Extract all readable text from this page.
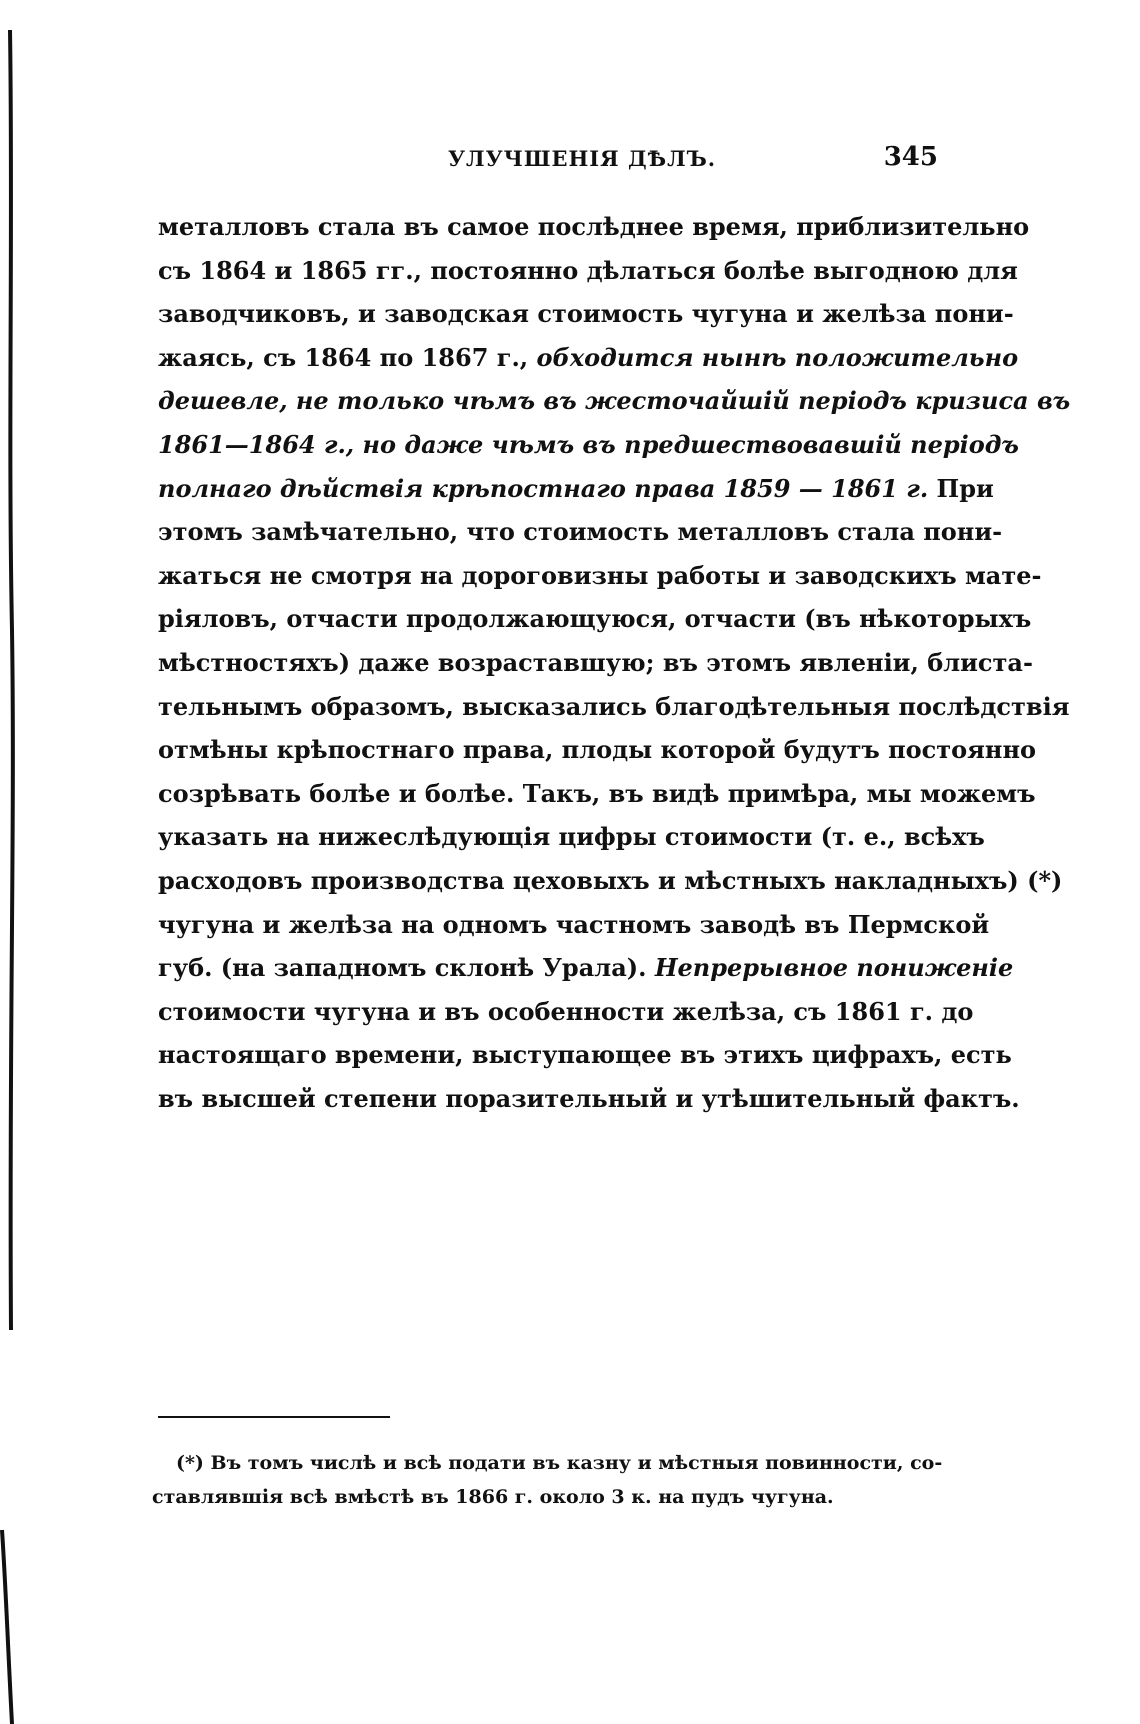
УЛУЧШЕНІЯ ДѢЛЪ.	345
металловъ стала въ самое послѣднее время, приблизительно
съ 1864 и 1865 гг., постоянно дѣлаться болѣе выгодною для
заводчиковъ, и заводская стоимость чугуна и желѣза пони-
жаясь, съ 1864 по 1867 г., обходится нынѣ положительно
дешевле, не только чѣмъ въ жесточайшій періодъ кризиса въ
1861—1864 г., но даже чѣмъ въ предшествовавшій періодъ
полнаго дѣйствія крѣпостнаго права 1859 — 1861 г. При
этомъ замѣчательно, что стоимость металловъ стала пони-
жаться не смотря на дороговизны работы и заводскихъ мате-
ріяловъ, отчасти продолжающуюся, отчасти (въ нѣкоторыхъ
мѣстностяхъ) даже возраставшую; въ этомъ явленіи, блиста-
тельнымъ образомъ, высказались благодѣтельныя послѣдствія
отмѣны крѣпостнаго права, плоды которой будутъ постоянно
созрѣвать болѣе и болѣе. Такъ, въ видѣ примѣра, мы можемъ
указать на нижеслѣдующія цифры стоимости (т. е., всѣхъ
расходовъ производства цеховыхъ и мѣстныхъ накладныхъ) (*)
чугуна и желѣза на одномъ частномъ заводѣ въ Пермской
губ. (на западномъ склонѣ Урала). Непрерывное пониженіе
стоимости чугуна и въ особенности желѣза, съ 1861 г. до
настоящаго времени, выступающее въ этихъ цифрахъ, есть
въ высшей степени поразительный и утѣшительный фактъ.
(*) Въ томъ числѣ и всѣ подати въ казну и мѣстныя повинности, со-
ставлявшія всѣ вмѣстѣ въ 1866 г. около 3 к. на пудъ чугуна.
